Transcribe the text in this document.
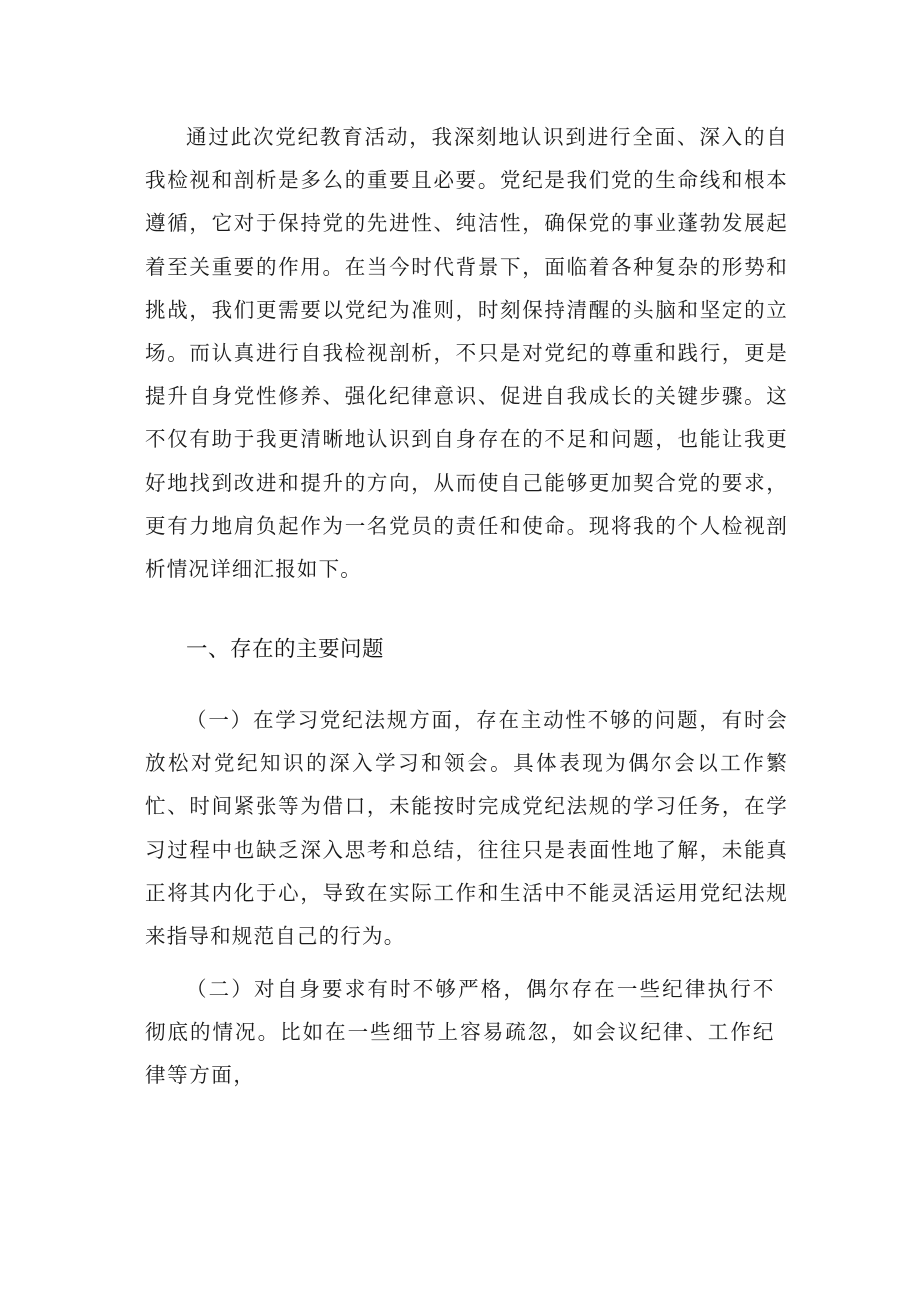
通过此次党纪教育活动，我深刻地认识到进行全面、深入的自我检视和剖析是多么的重要且必要。党纪是我们党的生命线和根本遵循，它对于保持党的先进性、纯洁性，确保党的事业蓬勃发展起着至关重要的作用。在当今时代背景下，面临着各种复杂的形势和挑战，我们更需要以党纪为准则，时刻保持清醒的头脑和坚定的立场。而认真进行自我检视剖析，不只是对党纪的尊重和践行，更是提升自身党性修养、强化纪律意识、促进自我成长的关键步骤。这不仅有助于我更清晰地认识到自身存在的不足和问题，也能让我更好地找到改进和提升的方向，从而使自己能够更加契合党的要求，更有力地肩负起作为一名党员的责任和使命。现将我的个人检视剖析情况详细汇报如下。

一、存在的主要问题

（一）在学习党纪法规方面，存在主动性不够的问题，有时会放松对党纪知识的深入学习和领会。具体表现为偶尔会以工作繁忙、时间紧张等为借口，未能按时完成党纪法规的学习任务，在学习过程中也缺乏深入思考和总结，往往只是表面性地了解，未能真正将其内化于心，导致在实际工作和生活中不能灵活运用党纪法规来指导和规范自己的行为。

（二）对自身要求有时不够严格，偶尔存在一些纪律执行不彻底的情况。比如在一些细节上容易疏忽，如会议纪律、工作纪律等方面，
